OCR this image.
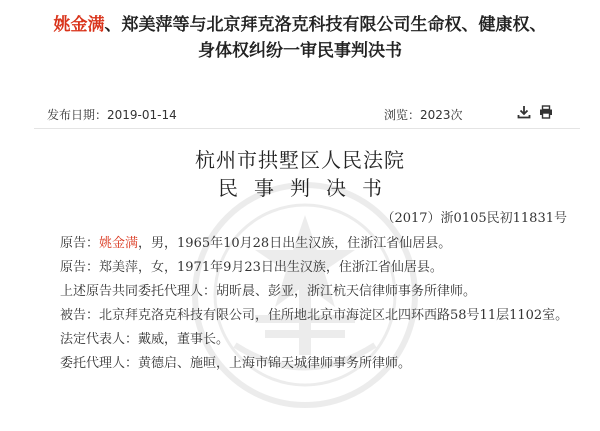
姚金满、郑美萍等与北京拜克洛克科技有限公司生命权、健康权、
身体权纠纷一审民事判决书
发布日期：2019-01-14	浏览：2023次
杭州市拱墅区人民法院
民事判决书
（2017）浙0105民初11831号

原告：姚金满，男，1965年10月28日出生汉族，住浙江省仙居县。

原告：郑美萍，女，1971年9月23日出生汉族，住浙江省仙居县。

上述原告共同委托代理人：胡昕晨、彭亚，浙江杭天信律师事务所律师。

被告：北京拜克洛克科技有限公司，住所地北京市海淀区北四环西路58号11层1102室。

法定代表人：戴威，董事长。

委托代理人：黄德启、施晅，上海市锦天城律师事务所律师。
